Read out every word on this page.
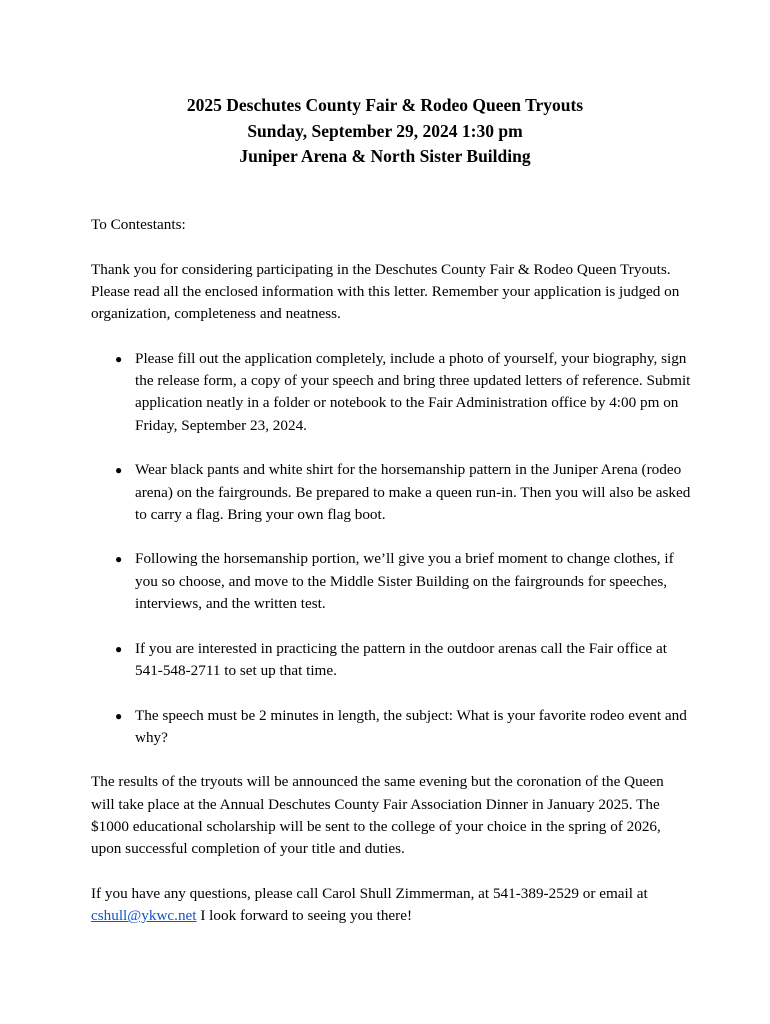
2025 Deschutes County Fair & Rodeo Queen Tryouts
Sunday, September 29, 2024 1:30 pm
Juniper Arena & North Sister Building

To Contestants:

Thank you for considering participating in the Deschutes County Fair & Rodeo Queen Tryouts. Please read all the enclosed information with this letter. Remember your application is judged on organization, completeness and neatness.

● Please fill out the application completely, include a photo of yourself, your biography, sign the release form, a copy of your speech and bring three updated letters of reference. Submit application neatly in a folder or notebook to the Fair Administration office by 4:00 pm on Friday, September 23, 2024.
● Wear black pants and white shirt for the horsemanship pattern in the Juniper Arena (rodeo arena) on the fairgrounds. Be prepared to make a queen run-in. Then you will also be asked to carry a flag. Bring your own flag boot.
● Following the horsemanship portion, we’ll give you a brief moment to change clothes, if you so choose, and move to the Middle Sister Building on the fairgrounds for speeches, interviews, and the written test.
● If you are interested in practicing the pattern in the outdoor arenas call the Fair office at 541-548-2711 to set up that time.
● The speech must be 2 minutes in length, the subject: What is your favorite rodeo event and why?

The results of the tryouts will be announced the same evening but the coronation of the Queen will take place at the Annual Deschutes County Fair Association Dinner in January 2025. The $1000 educational scholarship will be sent to the college of your choice in the spring of 2026, upon successful completion of your title and duties.

If you have any questions, please call Carol Shull Zimmerman, at 541-389-2529 or email at cshull@ykwc.net I look forward to seeing you there!
